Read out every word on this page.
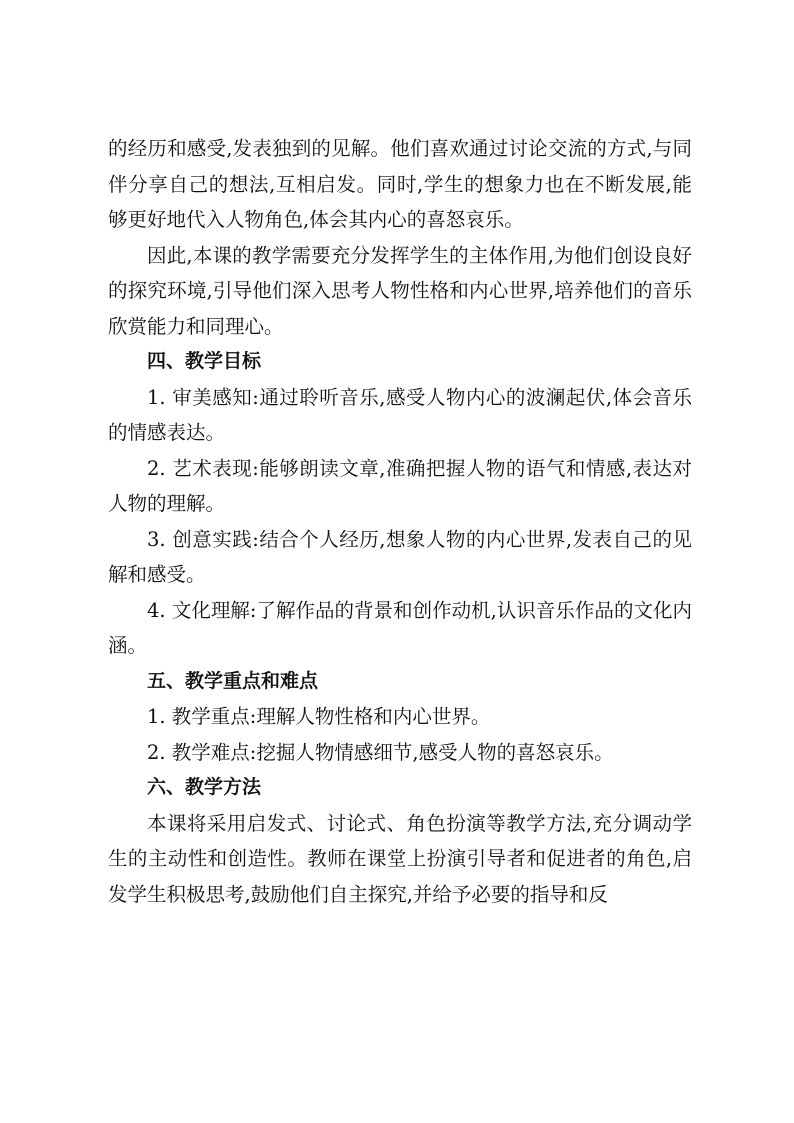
的经历和感受,发表独到的见解。他们喜欢通过讨论交流的方式,与同伴分享自己的想法,互相启发。同时,学生的想象力也在不断发展,能够更好地代入人物角色,体会其内心的喜怒哀乐。

因此,本课的教学需要充分发挥学生的主体作用,为他们创设良好的探究环境,引导他们深入思考人物性格和内心世界,培养他们的音乐欣赏能力和同理心。

四、教学目标

1. 审美感知:通过聆听音乐,感受人物内心的波澜起伏,体会音乐的情感表达。

2. 艺术表现:能够朗读文章,准确把握人物的语气和情感,表达对人物的理解。

3. 创意实践:结合个人经历,想象人物的内心世界,发表自己的见解和感受。

4. 文化理解:了解作品的背景和创作动机,认识音乐作品的文化内涵。

五、教学重点和难点

1. 教学重点:理解人物性格和内心世界。

2. 教学难点:挖掘人物情感细节,感受人物的喜怒哀乐。

六、教学方法

本课将采用启发式、讨论式、角色扮演等教学方法,充分调动学生的主动性和创造性。教师在课堂上扮演引导者和促进者的角色,启发学生积极思考,鼓励他们自主探究,并给予必要的指导和反
